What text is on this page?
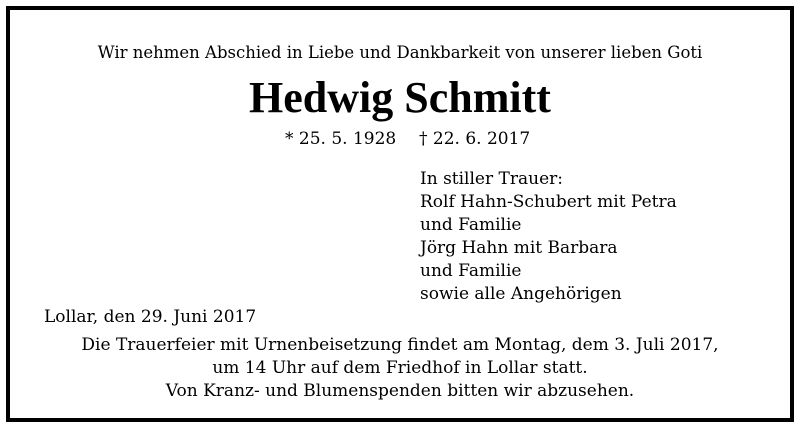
Wir nehmen Abschied in Liebe und Dankbarkeit von unserer lieben Goti
Hedwig Schmitt
* 25. 5. 1928 † 22. 6. 2017
In stiller Trauer:
Rolf Hahn-Schubert mit Petra
und Familie
Jörg Hahn mit Barbara
und Familie
sowie alle Angehörigen
Lollar, den 29. Juni 2017
Die Trauerfeier mit Urnenbeisetzung findet am Montag, dem 3. Juli 2017,
um 14 Uhr auf dem Friedhof in Lollar statt.
Von Kranz- und Blumenspenden bitten wir abzusehen.
